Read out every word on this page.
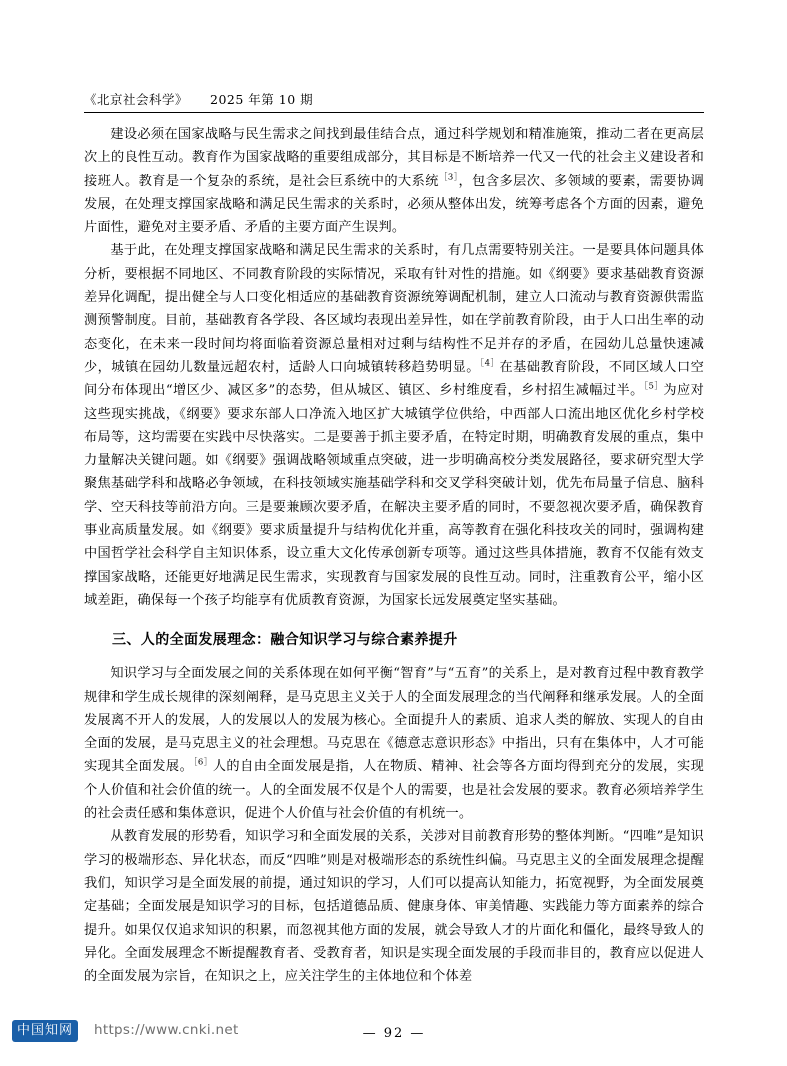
《北京社会科学》 2025 年第 10 期

建设必须在国家战略与民生需求之间找到最佳结合点，通过科学规划和精准施策，推动二者在更高层次上的良性互动。教育作为国家战略的重要组成部分，其目标是不断培养一代又一代的社会主义建设者和接班人。教育是一个复杂的系统，是社会巨系统中的大系统$^{[3]}$，包含多层次、多领域的要素，需要协调发展，在处理支撑国家战略和满足民生需求的关系时，必须从整体出发，统筹考虑各个方面的因素，避免片面性，避免对主要矛盾、矛盾的主要方面产生误判。

基于此，在处理支撑国家战略和满足民生需求的关系时，有几点需要特别关注。一是要具体问题具体分析，要根据不同地区、不同教育阶段的实际情况，采取有针对性的措施。如《纲要》要求基础教育资源差异化调配，提出健全与人口变化相适应的基础教育资源统筹调配机制，建立人口流动与教育资源供需监测预警制度。目前，基础教育各学段、各区域均表现出差异性，如在学前教育阶段，由于人口出生率的动态变化，在未来一段时间均将面临着资源总量相对过剩与结构性不足并存的矛盾，在园幼儿总量快速减少，城镇在园幼儿数量远超农村，适龄人口向城镇转移趋势明显。$^{[4]}$在基础教育阶段，不同区域人口空间分布体现出“增区少、减区多”的态势，但从城区、镇区、乡村维度看，乡村招生减幅过半。$^{[5]}$为应对这些现实挑战，《纲要》要求东部人口净流入地区扩大城镇学位供给，中西部人口流出地区优化乡村学校布局等，这均需要在实践中尽快落实。二是要善于抓主要矛盾，在特定时期，明确教育发展的重点，集中力量解决关键问题。如《纲要》强调战略领域重点突破，进一步明确高校分类发展路径，要求研究型大学聚焦基础学科和战略必争领域，在科技领域实施基础学科和交叉学科突破计划，优先布局量子信息、脑科学、空天科技等前沿方向。三是要兼顾次要矛盾，在解决主要矛盾的同时，不要忽视次要矛盾，确保教育事业高质量发展。如《纲要》要求质量提升与结构优化并重，高等教育在强化科技攻关的同时，强调构建中国哲学社会科学自主知识体系，设立重大文化传承创新专项等。通过这些具体措施，教育不仅能有效支撑国家战略，还能更好地满足民生需求，实现教育与国家发展的良性互动。同时，注重教育公平，缩小区域差距，确保每一个孩子均能享有优质教育资源，为国家长远发展奠定坚实基础。

三、人的全面发展理念：融合知识学习与综合素养提升

知识学习与全面发展之间的关系体现在如何平衡“智育”与“五育”的关系上，是对教育过程中教育教学规律和学生成长规律的深刻阐释，是马克思主义关于人的全面发展理念的当代阐释和继承发展。人的全面发展离不开人的发展，人的发展以人的发展为核心。全面提升人的素质、追求人类的解放、实现人的自由全面的发展，是马克思主义的社会理想。马克思在《德意志意识形态》中指出，只有在集体中，人才可能实现其全面发展。$^{[6]}$人的自由全面发展是指，人在物质、精神、社会等各方面均得到充分的发展，实现个人价值和社会价值的统一。人的全面发展不仅是个人的需要，也是社会发展的要求。教育必须培养学生的社会责任感和集体意识，促进个人价值与社会价值的有机统一。

从教育发展的形势看，知识学习和全面发展的关系，关涉对目前教育形势的整体判断。“四唯”是知识学习的极端形态、异化状态，而反“四唯”则是对极端形态的系统性纠偏。马克思主义的全面发展理念提醒我们，知识学习是全面发展的前提，通过知识的学习，人们可以提高认知能力，拓宽视野，为全面发展奠定基础；全面发展是知识学习的目标，包括道德品质、健康身体、审美情趣、实践能力等方面素养的综合提升。如果仅仅追求知识的积累，而忽视其他方面的发展，就会导致人才的片面化和僵化，最终导致人的异化。全面发展理念不断提醒教育者、受教育者，知识是实现全面发展的手段而非目的，教育应以促进人的全面发展为宗旨，在知识之上，应关注学生的主体地位和个体差

— 92 —
中国知网	https://www.cnki.net
